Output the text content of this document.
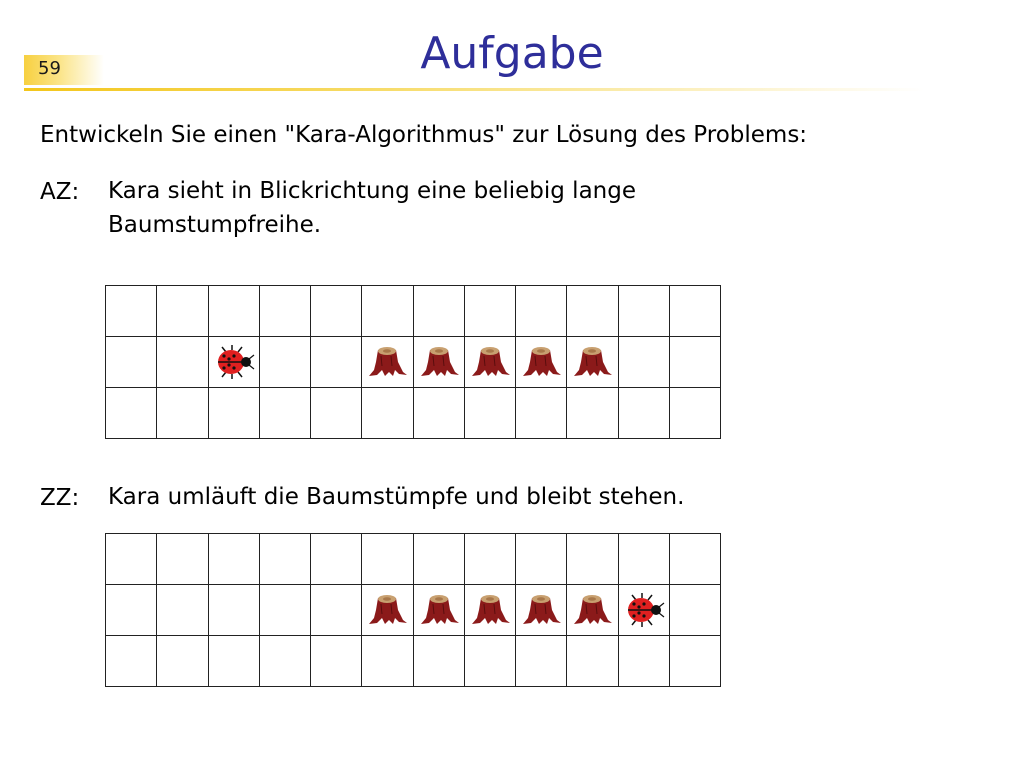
59	Aufgabe
Entwickeln Sie einen "Kara-Algorithmus" zur Lösung des Problems:
AZ: Kara sieht in Blickrichtung eine beliebig lange Baumstumpfreihe.
ZZ: Kara umläuft die Baumstümpfe und bleibt stehen.
